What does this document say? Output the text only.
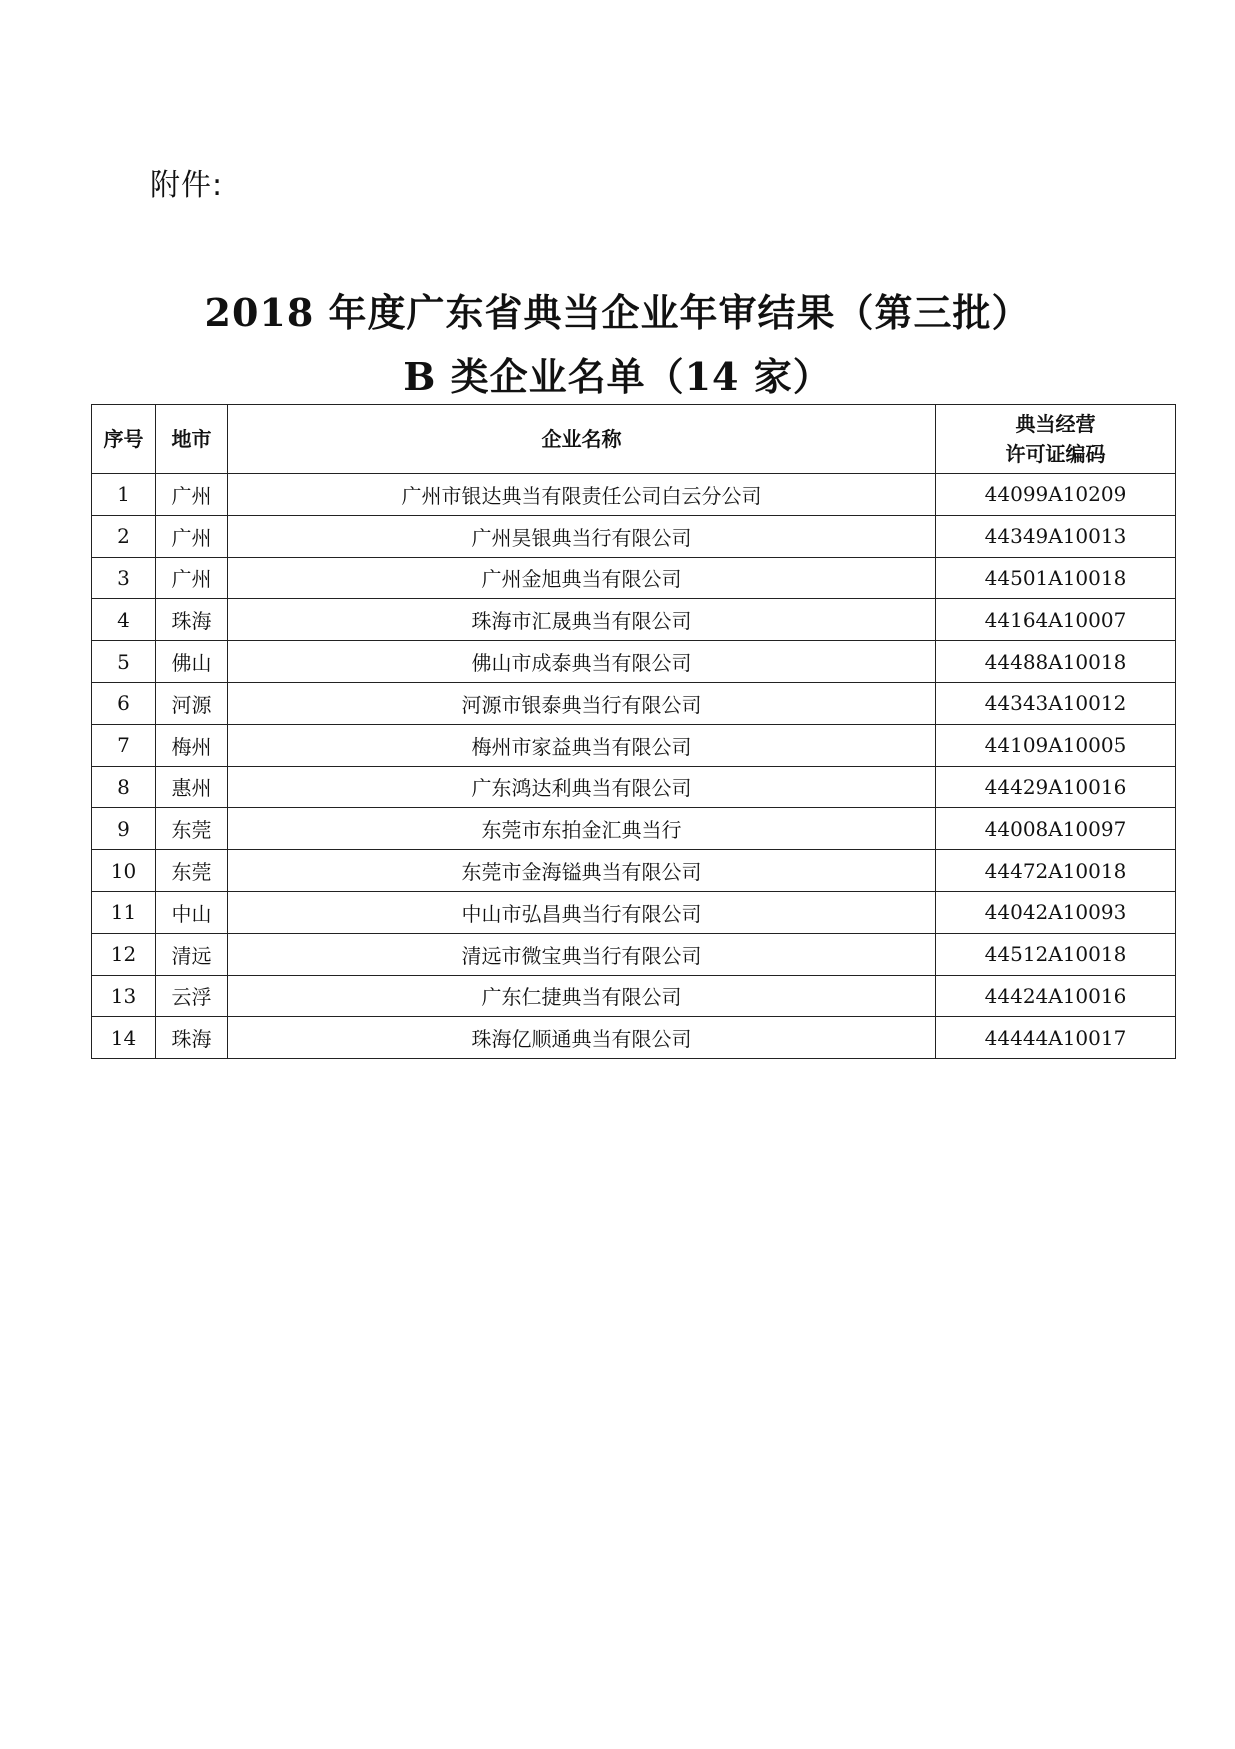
附件:
2018 年度广东省典当企业年审结果（第三批）
B 类企业名单（14 家）
序号	地市	企业名称	典当经营
许可证编码

1	广州	广州市银达典当有限责任公司白云分公司	44099A10209
2	广州	广州昊银典当行有限公司	44349A10013
3	广州	广州金旭典当有限公司	44501A10018
4	珠海	珠海市汇晟典当有限公司	44164A10007
5	佛山	佛山市成泰典当有限公司	44488A10018
6	河源	河源市银泰典当行有限公司	44343A10012
7	梅州	梅州市家益典当有限公司	44109A10005
8	惠州	广东鸿达利典当有限公司	44429A10016
9	东莞	东莞市东拍金汇典当行	44008A10097
10	东莞	东莞市金海镒典当有限公司	44472A10018
11	中山	中山市弘昌典当行有限公司	44042A10093
12	清远	清远市微宝典当行有限公司	44512A10018
13	云浮	广东仁捷典当有限公司	44424A10016
14	珠海	珠海亿顺通典当有限公司	44444A10017
